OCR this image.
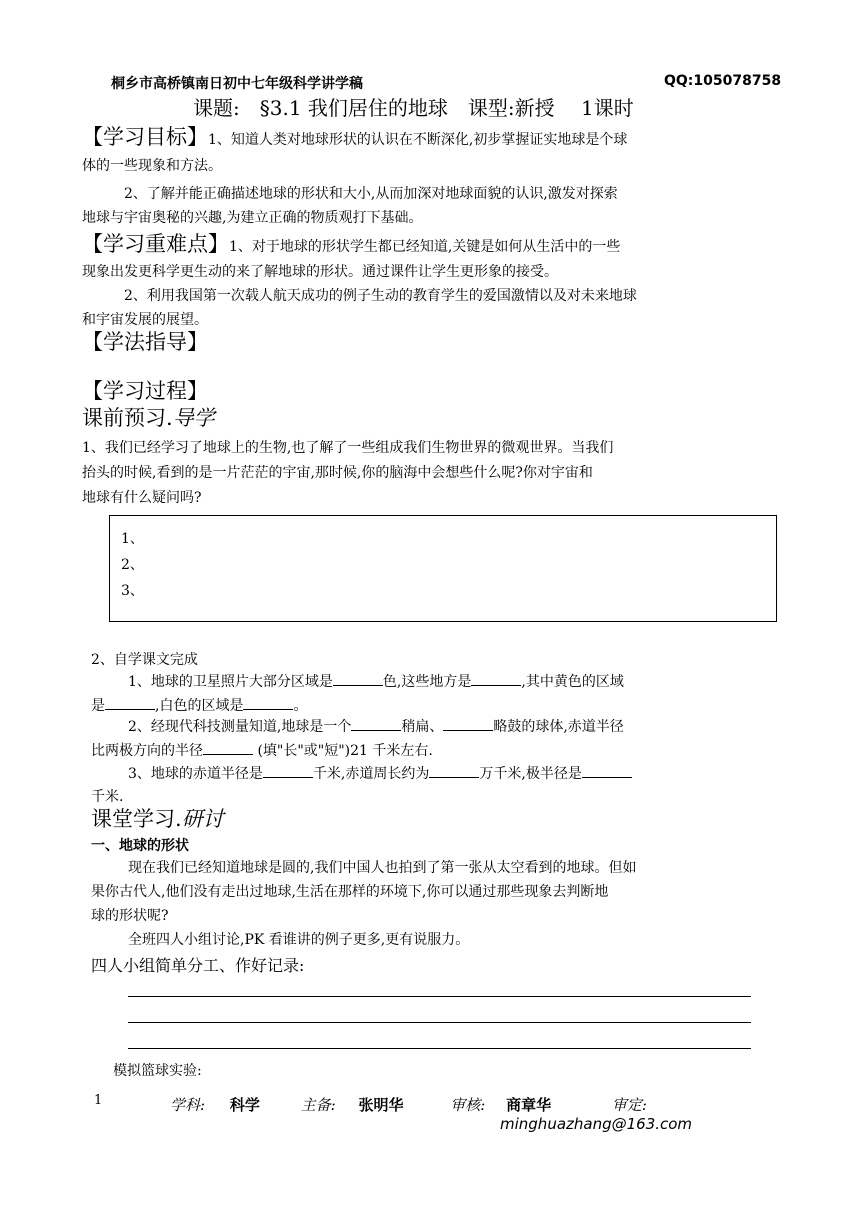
桐乡市高桥镇南日初中七年级科学讲学稿	QQ:105078758
课题:　§3.1 我们居住的地球　课型:新授　 1课时
【学习目标】1、知道人类对地球形状的认识在不断深化,初步掌握证实地球是个球
体的一些现象和方法。
2、了解并能正确描述地球的形状和大小,从而加深对地球面貌的认识,激发对探索
地球与宇宙奥秘的兴趣,为建立正确的物质观打下基础。
【学习重难点】1、对于地球的形状学生都已经知道,关键是如何从生活中的一些
现象出发更科学更生动的来了解地球的形状。通过课件让学生更形象的接受。
2、利用我国第一次载人航天成功的例子生动的教育学生的爱国激情以及对未来地球
和宇宙发展的展望。
【学法指导】
【学习过程】
课前预习.导学
1、我们已经学习了地球上的生物,也了解了一些组成我们生物世界的微观世界。当我们
抬头的时候,看到的是一片茫茫的宇宙,那时候,你的脑海中会想些什么呢?你对宇宙和
地球有什么疑问吗?
1、
2、
3、
2、自学课文完成
1、地球的卫星照片大部分区域是	色,这些地方是	,其中黄色的区域
是	,白色的区域是	。
2、经现代科技测量知道,地球是一个	稍扁、	略鼓的球体,赤道半径
比两极方向的半径	(填"长"或"短")21 千米左右.
3、地球的赤道半径是	千米,赤道周长约为	万千米,极半径是
千米.
课堂学习.研讨
一、地球的形状
现在我们已经知道地球是圆的,我们中国人也拍到了第一张从太空看到的地球。但如
果你古代人,他们没有走出过地球,生活在那样的环境下,你可以通过那些现象去判断地
球的形状呢?
全班四人小组讨论,PK 看谁讲的例子更多,更有说服力。
四人小组简单分工、作好记录:
模拟篮球实验:
1	学科: 科学	主备: 张明华	审核: 商章华	审定:
minghuazhang@163.com
